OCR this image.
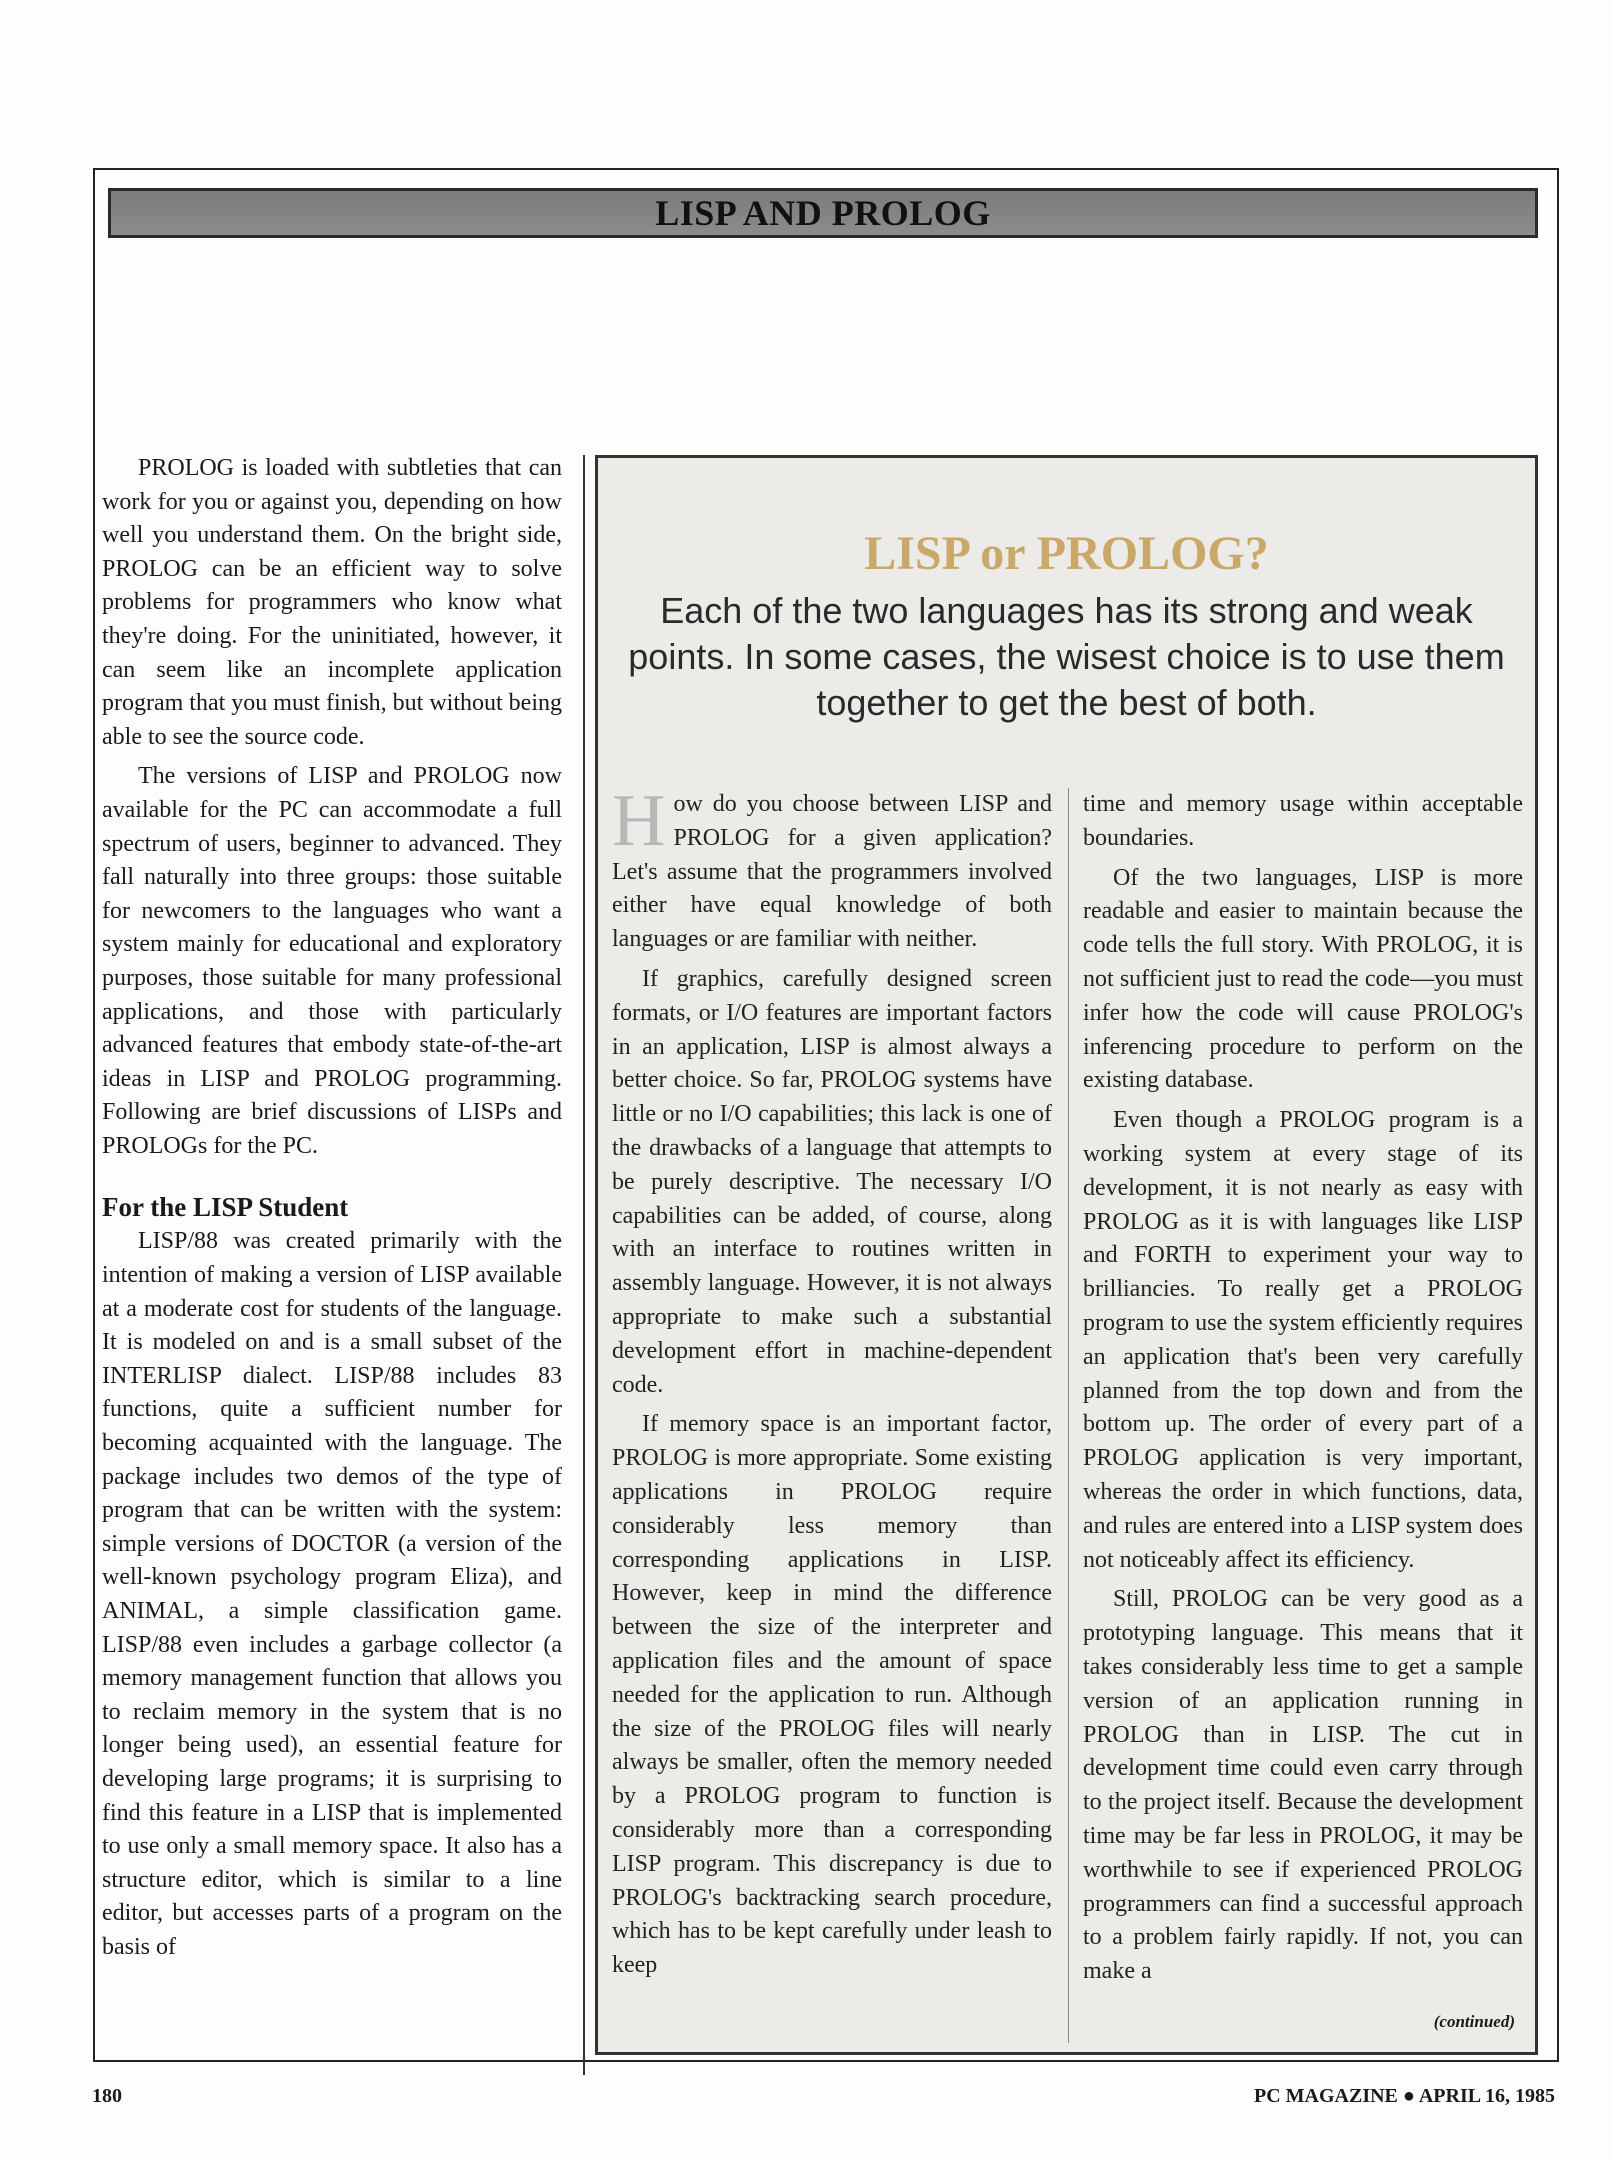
LISP AND PROLOG

PROLOG is loaded with subtleties that can work for you or against you, depending on how well you understand them. On the bright side, PROLOG can be an efficient way to solve problems for programmers who know what they're doing. For the uninitiated, however, it can seem like an incomplete application program that you must finish, but without being able to see the source code.

The versions of LISP and PROLOG now available for the PC can accommodate a full spectrum of users, beginner to advanced. They fall naturally into three groups: those suitable for newcomers to the languages who want a system mainly for educational and exploratory purposes, those suitable for many professional applications, and those with particularly advanced features that embody state-of-the-art ideas in LISP and PROLOG programming. Following are brief discussions of LISPs and PROLOGs for the PC.

For the LISP Student

LISP/88 was created primarily with the intention of making a version of LISP available at a moderate cost for students of the language. It is modeled on and is a small subset of the INTERLISP dialect. LISP/88 includes 83 functions, quite a sufficient number for becoming acquainted with the language. The package includes two demos of the type of program that can be written with the system: simple versions of DOCTOR (a version of the well-known psychology program Eliza), and ANIMAL, a simple classification game. LISP/88 even includes a garbage collector (a memory management function that allows you to reclaim memory in the system that is no longer being used), an essential feature for developing large programs; it is surprising to find this feature in a LISP that is implemented to use only a small memory space. It also has a structure editor, which is similar to a line editor, but accesses parts of a program on the basis of

LISP or PROLOG?
Each of the two languages has its strong and weak points. In some cases, the wisest choice is to use them together to get the best of both.

How do you choose between LISP and PROLOG for a given application? Let's assume that the programmers involved either have equal knowledge of both languages or are familiar with neither.

If graphics, carefully designed screen formats, or I/O features are important factors in an application, LISP is almost always a better choice. So far, PROLOG systems have little or no I/O capabilities; this lack is one of the drawbacks of a language that attempts to be purely descriptive. The necessary I/O capabilities can be added, of course, along with an interface to routines written in assembly language. However, it is not always appropriate to make such a substantial development effort in machine-dependent code.

If memory space is an important factor, PROLOG is more appropriate. Some existing applications in PROLOG require considerably less memory than corresponding applications in LISP. However, keep in mind the difference between the size of the interpreter and application files and the amount of space needed for the application to run. Although the size of the PROLOG files will nearly always be smaller, often the memory needed by a PROLOG program to function is considerably more than a corresponding LISP program. This discrepancy is due to PROLOG's backtracking search procedure, which has to be kept carefully under leash to keep

time and memory usage within acceptable boundaries.

Of the two languages, LISP is more readable and easier to maintain because the code tells the full story. With PROLOG, it is not sufficient just to read the code—you must infer how the code will cause PROLOG's inferencing procedure to perform on the existing database.

Even though a PROLOG program is a working system at every stage of its development, it is not nearly as easy with PROLOG as it is with languages like LISP and FORTH to experiment your way to brilliancies. To really get a PROLOG program to use the system efficiently requires an application that's been very carefully planned from the top down and from the bottom up. The order of every part of a PROLOG application is very important, whereas the order in which functions, data, and rules are entered into a LISP system does not noticeably affect its efficiency.

Still, PROLOG can be very good as a prototyping language. This means that it takes considerably less time to get a sample version of an application running in PROLOG than in LISP. The cut in development time could even carry through to the project itself. Because the development time may be far less in PROLOG, it may be worthwhile to see if experienced PROLOG programmers can find a successful approach to a problem fairly rapidly. If not, you can make a

(continued)
180	PC MAGAZINE ● APRIL 16, 1985
